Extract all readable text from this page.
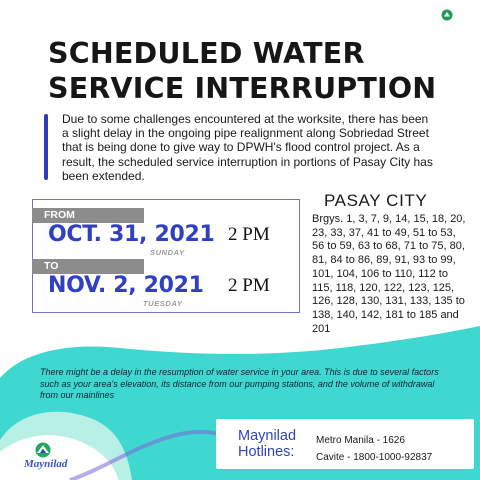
SCHEDULED WATER
SERVICE INTERRUPTION
Due to some challenges encountered at the worksite, there has been a slight delay in the ongoing pipe realignment along Sobriedad Street that is being done to give way to DPWH's flood control project. As a result, the scheduled service interruption in portions of Pasay City has been extended.
FROM
OCT. 31, 2021
SUNDAY
2 PM
TO
NOV. 2, 2021
TUESDAY
2 PM
PASAY CITY
Brgys. 1, 3, 7, 9, 14, 15, 18, 20, 23, 33, 37, 41 to 49, 51 to 53, 56 to 59, 63 to 68, 71 to 75, 80, 81, 84 to 86, 89, 91, 93 to 99, 101, 104, 106 to 110, 112 to 115, 118, 120, 122, 123, 125, 126, 128, 130, 131, 133, 135 to 138, 140, 142, 181 to 185 and 201
There might be a delay in the resumption of water service in your area. This is due to several factors such as your area's elevation, its distance from our pumping stations, and the volume of withdrawal from our mainlines
Maynilad
Hotlines:
Metro Manila - 1626
Cavite - 1800-1000-92837
Maynilad
